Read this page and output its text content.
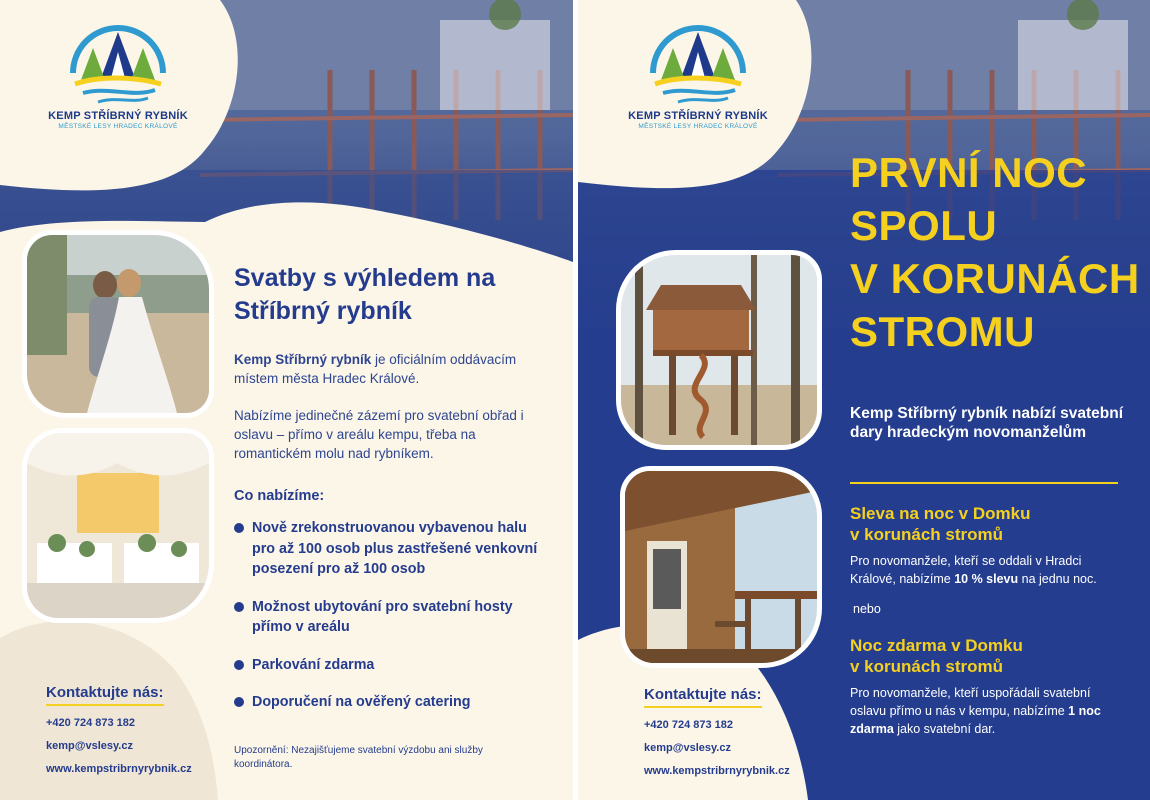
KEMP STŘÍBRNÝ RYBNÍK
MĚSTSKÉ LESY HRADEC KRÁLOVÉ
Svatby s výhledem na
Stříbrný rybník

Kemp Stříbrný rybník je oficiálním oddávacím místem města Hradec Králové.

Nabízíme jedinečné zázemí pro svatební obřad i oslavu – přímo v areálu kempu, třeba na romantickém molu nad rybníkem.

Co nabízíme:
Nově zrekonstruovanou vybavenou halu pro až 100 osob plus zastřešené venkovní posezení pro až 100 osob
Možnost ubytování pro svatební hosty přímo v areálu
Parkování zdarma
Doporučení na ověřený catering

Upozornění: Nezajišťujeme svatební výzdobu ani služby koordinátora.

Kontaktujte nás:
+420 724 873 182
kemp@vslesy.cz
www.kempstribrnyrybnik.cz
KEMP STŘÍBRNÝ RYBNÍK
MĚSTSKÉ LESY HRADEC KRÁLOVÉ
PRVNÍ NOC
SPOLU
V KORUNÁCH
STROMU

Kemp Stříbrný rybník nabízí svatební dary hradeckým novomanželům

Sleva na noc v Domku
v korunách stromů

Pro novomanžele, kteří se oddali v Hradci Králové, nabízíme 10 % slevu na jednu noc.

nebo
Noc zdarma v Domku
v korunách stromů

Pro novomanžele, kteří uspořádali svatební oslavu přímo u nás v kempu, nabízíme 1 noc zdarma jako svatební dar.

Kontaktujte nás:
+420 724 873 182
kemp@vslesy.cz
www.kempstribrnyrybnik.cz
